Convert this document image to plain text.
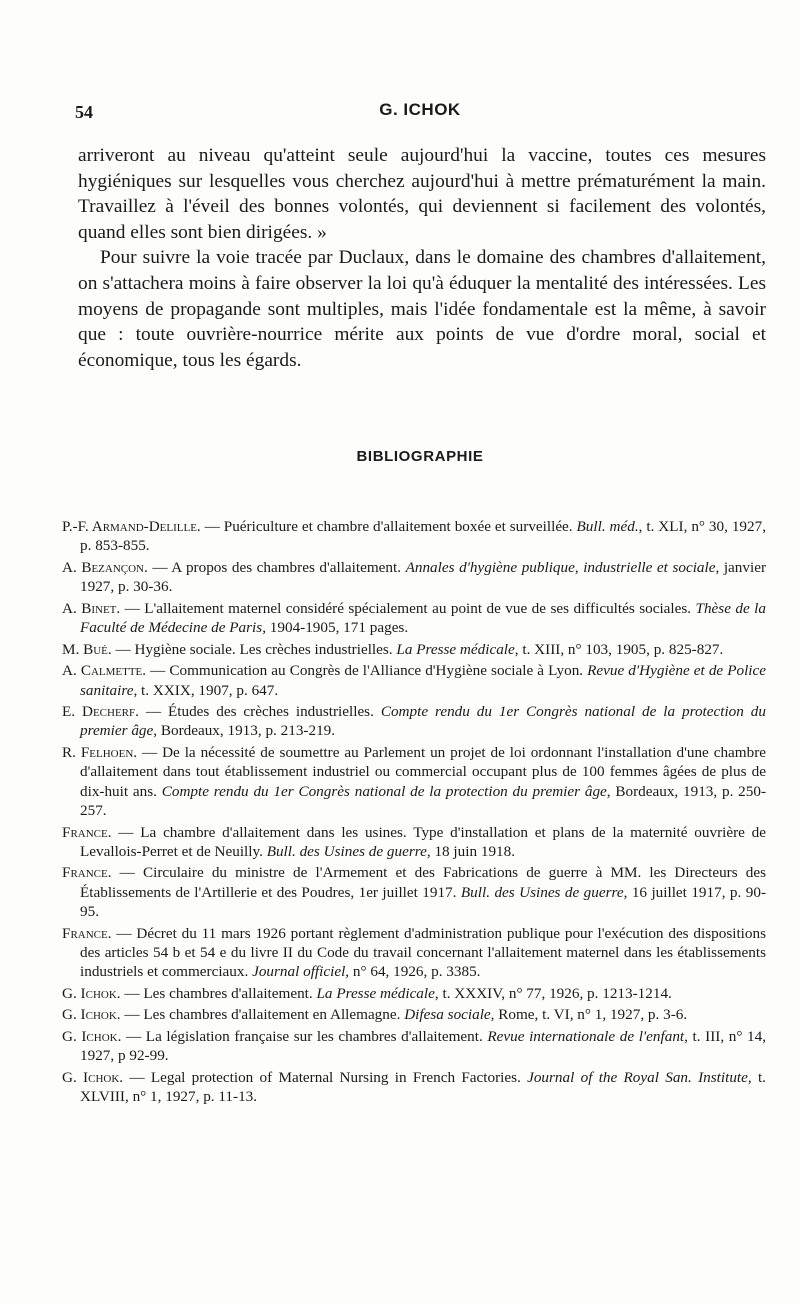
54	G. ICHOK

arriveront au niveau qu'atteint seule aujourd'hui la vaccine, toutes ces mesures hygiéniques sur lesquelles vous cherchez aujourd'hui à mettre prématurément la main. Travaillez à l'éveil des bonnes volontés, qui deviennent si facilement des volontés, quand elles sont bien dirigées. »

Pour suivre la voie tracée par Duclaux, dans le domaine des chambres d'allaitement, on s'attachera moins à faire observer la loi qu'à éduquer la mentalité des intéressées. Les moyens de propagande sont multiples, mais l'idée fondamentale est la même, à savoir que : toute ouvrière-nourrice mérite aux points de vue d'ordre moral, social et économique, tous les égards.

BIBLIOGRAPHIE

P.-F. Armand-Delille. — Puériculture et chambre d'allaitement boxée et surveillée. Bull. méd., t. XLI, n° 30, 1927, p. 853-855.

A. Bezançon. — A propos des chambres d'allaitement. Annales d'hygiène publique, industrielle et sociale, janvier 1927, p. 30-36.

A. Binet. — L'allaitement maternel considéré spécialement au point de vue de ses difficultés sociales. Thèse de la Faculté de Médecine de Paris, 1904-1905, 171 pages.

M. Bué. — Hygiène sociale. Les crèches industrielles. La Presse médicale, t. XIII, n° 103, 1905, p. 825-827.

A. Calmette. — Communication au Congrès de l'Alliance d'Hygiène sociale à Lyon. Revue d'Hygiène et de Police sanitaire, t. XXIX, 1907, p. 647.

E. Decherf. — Études des crèches industrielles. Compte rendu du 1er Congrès national de la protection du premier âge, Bordeaux, 1913, p. 213-219.

R. Felhoen. — De la nécessité de soumettre au Parlement un projet de loi ordonnant l'installation d'une chambre d'allaitement dans tout établissement industriel ou commercial occupant plus de 100 femmes âgées de plus de dix-huit ans. Compte rendu du 1er Congrès national de la protection du premier âge, Bordeaux, 1913, p. 250-257.

France. — La chambre d'allaitement dans les usines. Type d'installation et plans de la maternité ouvrière de Levallois-Perret et de Neuilly. Bull. des Usines de guerre, 18 juin 1918.

France. — Circulaire du ministre de l'Armement et des Fabrications de guerre à MM. les Directeurs des Établissements de l'Artillerie et des Poudres, 1er juillet 1917. Bull. des Usines de guerre, 16 juillet 1917, p. 90-95.

France. — Décret du 11 mars 1926 portant règlement d'administration publique pour l'exécution des dispositions des articles 54 b et 54 e du livre II du Code du travail concernant l'allaitement maternel dans les établissements industriels et commerciaux. Journal officiel, n° 64, 1926, p. 3385.

G. Ichok. — Les chambres d'allaitement. La Presse médicale, t. XXXIV, n° 77, 1926, p. 1213-1214.

G. Ichok. — Les chambres d'allaitement en Allemagne. Difesa sociale, Rome, t. VI, n° 1, 1927, p. 3-6.

G. Ichok. — La législation française sur les chambres d'allaitement. Revue internationale de l'enfant, t. III, n° 14, 1927, p 92-99.

G. Ichok. — Legal protection of Maternal Nursing in French Factories. Journal of the Royal San. Institute, t. XLVIII, n° 1, 1927, p. 11-13.
